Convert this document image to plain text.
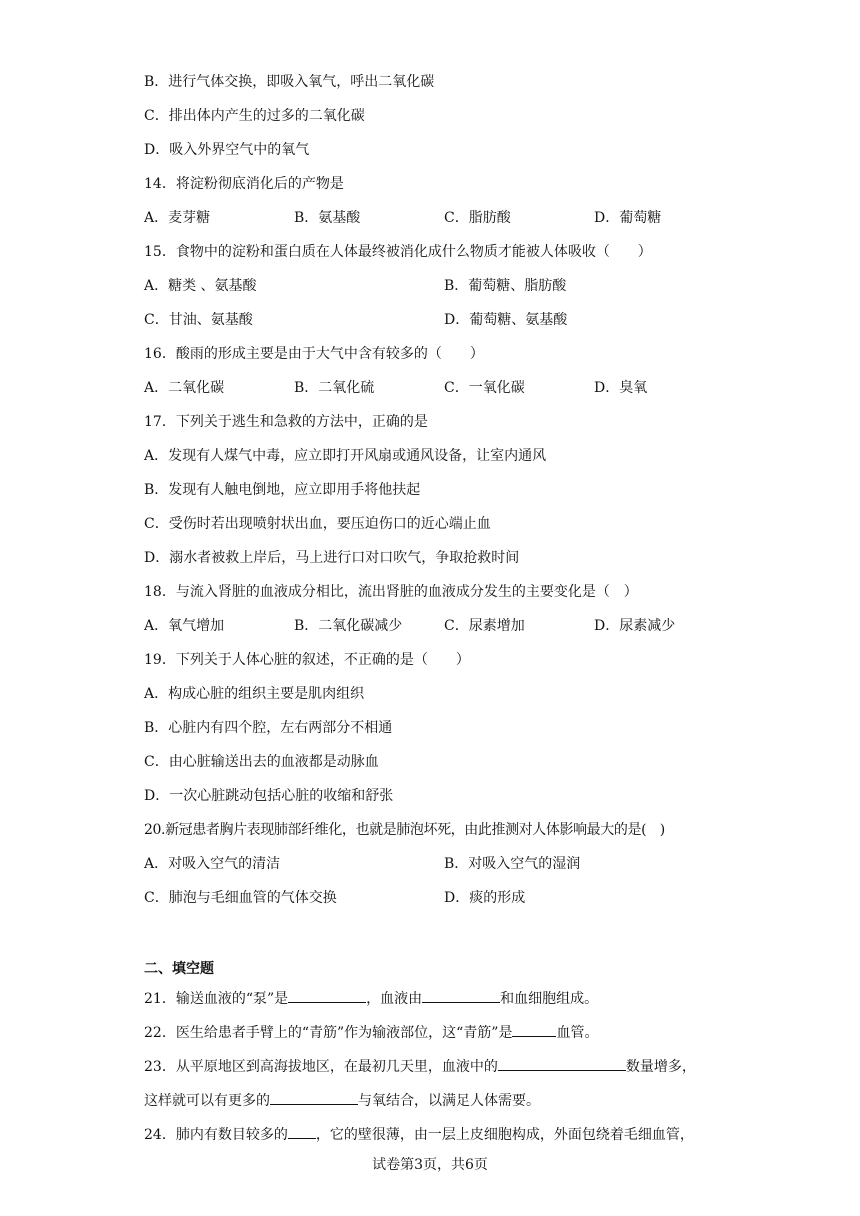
B．进行气体交换，即吸入氧气，呼出二氧化碳
C．排出体内产生的过多的二氧化碳
D．吸入外界空气中的氧气
14．将淀粉彻底消化后的产物是
A．麦芽糖	B．氨基酸	C．脂肪酸	D．葡萄糖
15．食物中的淀粉和蛋白质在人体最终被消化成什么物质才能被人体吸收（　　）
A．糖类 、氨基酸	B．葡萄糖、脂肪酸
C．甘油、氨基酸	D．葡萄糖、氨基酸
16．酸雨的形成主要是由于大气中含有较多的（　　）
A．二氧化碳	B．二氧化硫	C．一氧化碳	D．臭氧
17．下列关于逃生和急救的方法中，正确的是
A．发现有人煤气中毒，应立即打开风扇或通风设备，让室内通风
B．发现有人触电倒地，应立即用手将他扶起
C．受伤时若出现喷射状出血，要压迫伤口的近心端止血
D．溺水者被救上岸后，马上进行口对口吹气，争取抢救时间
18．与流入肾脏的血液成分相比，流出肾脏的血液成分发生的主要变化是（　）
A．氧气增加	B．二氧化碳减少	C．尿素增加	D．尿素减少
19．下列关于人体心脏的叙述，不正确的是（　　）
A．构成心脏的组织主要是肌肉组织
B．心脏内有四个腔，左右两部分不相通
C．由心脏输送出去的血液都是动脉血
D．一次心脏跳动包括心脏的收缩和舒张
20.新冠患者胸片表现肺部纤维化，也就是肺泡坏死，由此推测对人体影响最大的是(　)
A．对吸入空气的清洁	B．对吸入空气的湿润
C．肺泡与毛细血管的气体交换	D．痰的形成
二、填空题
21．输送血液的“泵”是	，血液由	和血细胞组成。
22．医生给患者手臂上的“青筋”作为输液部位，这“青筋”是	血管。
23．从平原地区到高海拔地区，在最初几天里，血液中的	数量增多，
这样就可以有更多的	与氧结合，以满足人体需要。
24．肺内有数目较多的 ，它的壁很薄，由一层上皮细胞构成，外面包绕着毛细血管，
试卷第3页，共6页
